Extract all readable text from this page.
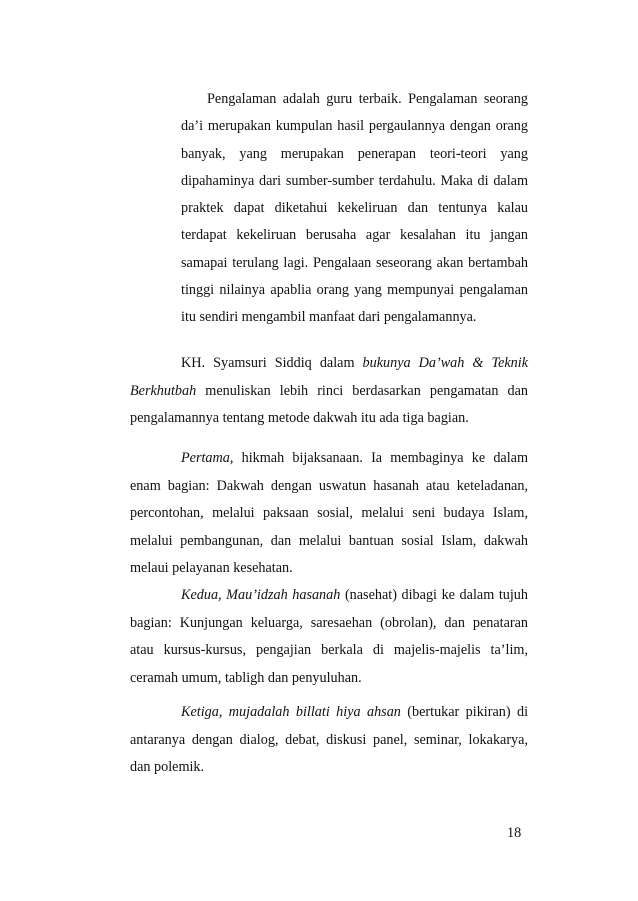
Pengalaman adalah guru terbaik. Pengalaman seorang da’i merupakan kumpulan hasil pergaulannya dengan orang banyak, yang merupakan penerapan teori-teori yang dipahaminya dari sumber-sumber terdahulu. Maka di dalam praktek dapat diketahui kekeliruan dan tentunya kalau terdapat kekeliruan berusaha agar kesalahan itu jangan samapai terulang lagi. Pengalaan seseorang akan bertambah tinggi nilainya apablia orang yang mempunyai pengalaman itu sendiri mengambil manfaat dari pengalamannya.

KH. Syamsuri Siddiq dalam bukunya Da’wah & Teknik Berkhutbah menuliskan lebih rinci berdasarkan pengamatan dan pengalamannya tentang metode dakwah itu ada tiga bagian.

Pertama, hikmah bijaksanaan. Ia membaginya ke dalam enam bagian: Dakwah dengan uswatun hasanah atau keteladanan, percontohan, melalui paksaan sosial, melalui seni budaya Islam, melalui pembangunan, dan melalui bantuan sosial Islam, dakwah melaui pelayanan kesehatan.

Kedua, Mau’idzah hasanah (nasehat) dibagi ke dalam tujuh bagian: Kunjungan keluarga, saresaehan (obrolan), dan penataran atau kursus-kursus, pengajian berkala di majelis-majelis ta’lim, ceramah umum, tabligh dan penyuluhan.

Ketiga, mujadalah billati hiya ahsan (bertukar pikiran) di antaranya dengan dialog, debat, diskusi panel, seminar, lokakarya, dan polemik.

18
